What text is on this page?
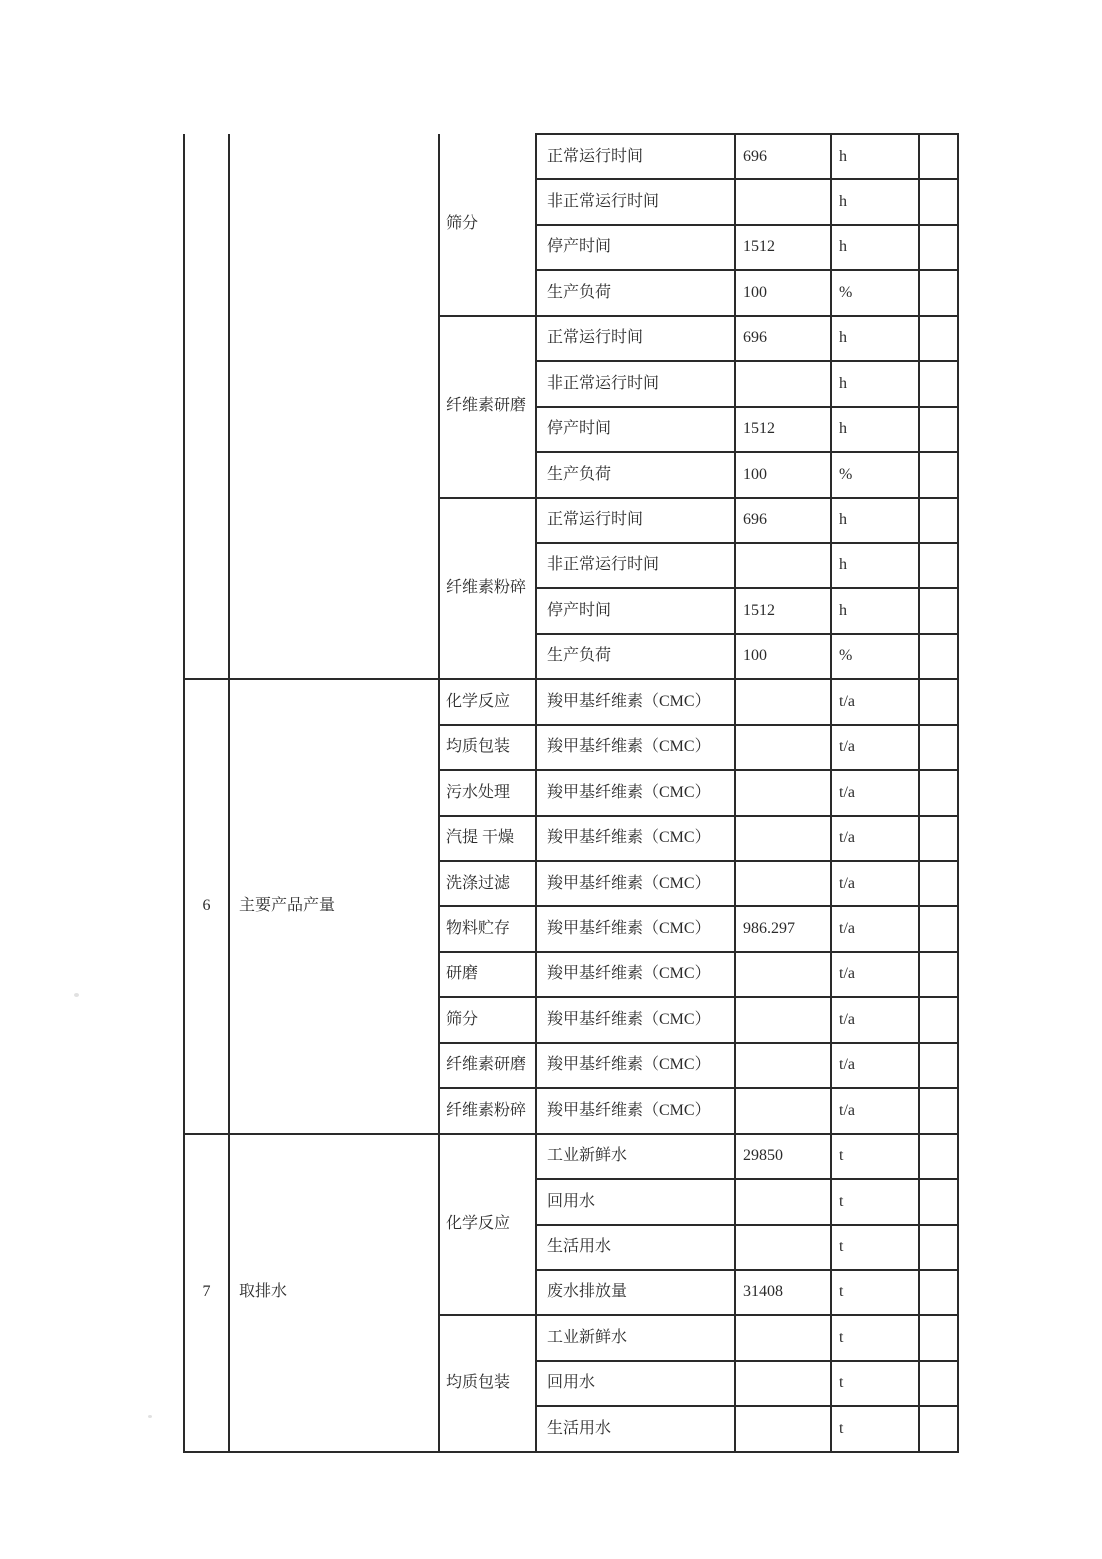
		筛分	正常运行时间	696	h	
			非正常运行时间		h	
			停产时间	1512	h	
			生产负荷	100	%	
		纤维素研磨	正常运行时间	696	h	
			非正常运行时间		h	
			停产时间	1512	h	
			生产负荷	100	%	
		纤维素粉碎	正常运行时间	696	h	
			非正常运行时间		h	
			停产时间	1512	h	
			生产负荷	100	%	
6	主要产品产量	化学反应	羧甲基纤维素（CMC）		t/a	
		均质包装	羧甲基纤维素（CMC）		t/a	
		污水处理	羧甲基纤维素（CMC）		t/a	
		汽提 干燥	羧甲基纤维素（CMC）		t/a	
		洗涤过滤	羧甲基纤维素（CMC）		t/a	
		物料贮存	羧甲基纤维素（CMC）	986.297	t/a	
		研磨	羧甲基纤维素（CMC）		t/a	
		筛分	羧甲基纤维素（CMC）		t/a	
		纤维素研磨	羧甲基纤维素（CMC）		t/a	
		纤维素粉碎	羧甲基纤维素（CMC）		t/a	
7	取排水	化学反应	工业新鲜水	29850	t	
			回用水		t	
			生活用水		t	
			废水排放量	31408	t	
		均质包装	工业新鲜水		t	
			回用水		t	
			生活用水		t	
